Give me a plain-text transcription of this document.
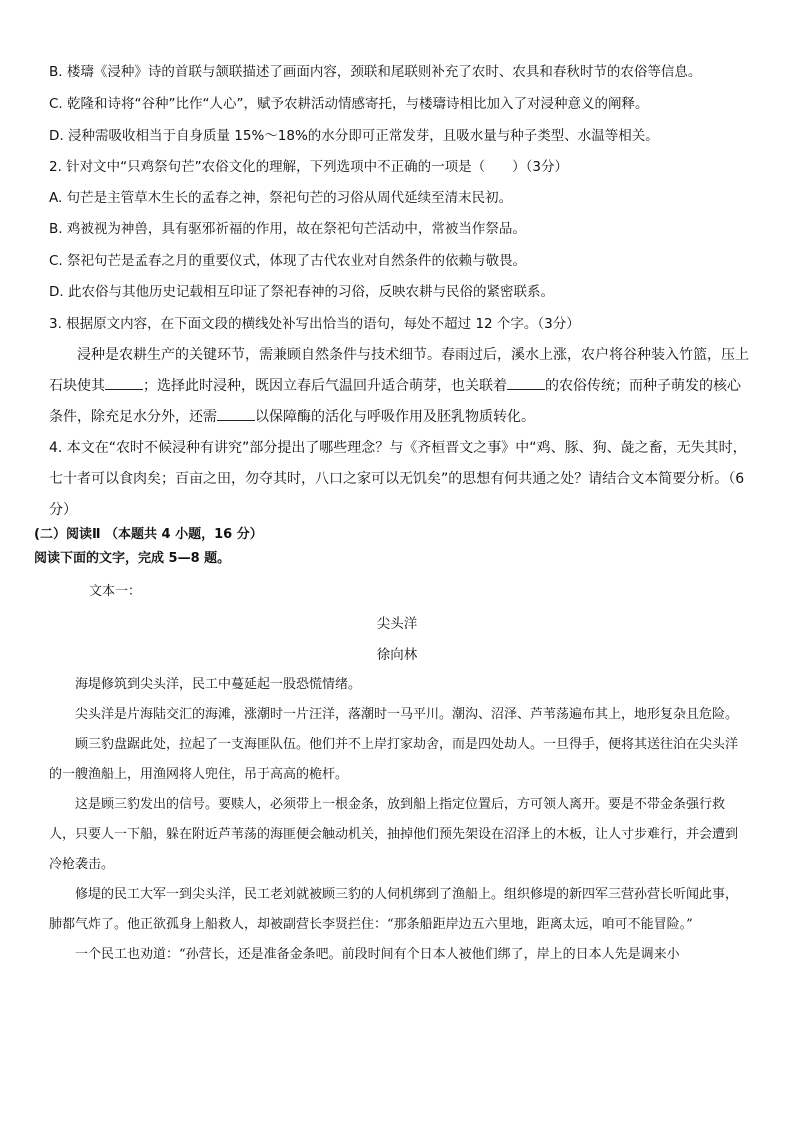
B. 楼璹《浸种》诗的首联与颔联描述了画面内容，颈联和尾联则补充了农时、农具和春秋时节的农俗等信息。
C. 乾隆和诗将“谷种”比作“人心”，赋予农耕活动情感寄托，与楼璹诗相比加入了对浸种意义的阐释。
D. 浸种需吸收相当于自身质量 15%～18%的水分即可正常发芽，且吸水量与种子类型、水温等相关。
2. 针对文中“只鸡祭句芒”农俗文化的理解，下列选项中不正确的一项是（　　）（3分）
A. 句芒是主管草木生长的孟春之神，祭祀句芒的习俗从周代延续至清末民初。
B. 鸡被视为神兽，具有驱邪祈福的作用，故在祭祀句芒活动中，常被当作祭品。
C. 祭祀句芒是孟春之月的重要仪式，体现了古代农业对自然条件的依赖与敬畏。
D. 此农俗与其他历史记载相互印证了祭祀春神的习俗，反映农耕与民俗的紧密联系。
3. 根据原文内容，在下面文段的横线处补写出恰当的语句，每处不超过 12 个字。（3分）
浸种是农耕生产的关键环节，需兼顾自然条件与技术细节。春雨过后，溪水上涨，农户将谷种装入竹篮，压上石块使其	；选择此时浸种，既因立春后气温回升适合萌芽，也关联着	的农俗传统；而种子萌发的核心条件，除充足水分外，还需	以保障酶的活化与呼吸作用及胚乳物质转化。
4. 本文在“农时不候浸种有讲究”部分提出了哪些理念？与《齐桓晋文之事》中“鸡、豚、狗、彘之畜，无失其时，七十者可以食肉矣；百亩之田，勿夺其时，八口之家可以无饥矣”的思想有何共通之处？请结合文本简要分析。（6分）
(二）阅读Ⅱ （本题共 4 小题，16 分）
阅读下面的文字，完成 5—8 题。
文本一：
尖头洋
徐向林

海堤修筑到尖头洋，民工中蔓延起一股恐慌情绪。

尖头洋是片海陆交汇的海滩，涨潮时一片汪洋，落潮时一马平川。潮沟、沼泽、芦苇荡遍布其上，地形复杂且危险。

顾三豹盘踞此处，拉起了一支海匪队伍。他们并不上岸打家劫舍，而是四处劫人。一旦得手，便将其送往泊在尖头洋的一艘渔船上，用渔网将人兜住，吊于高高的桅杆。

这是顾三豹发出的信号。要赎人，必须带上一根金条，放到船上指定位置后，方可领人离开。要是不带金条强行救人，只要人一下船，躲在附近芦苇荡的海匪便会触动机关，抽掉他们预先架设在沼泽上的木板，让人寸步难行，并会遭到冷枪袭击。

修堤的民工大军一到尖头洋，民工老刘就被顾三豹的人伺机绑到了渔船上。组织修堤的新四军三营孙营长听闻此事，肺都气炸了。他正欲孤身上船救人，却被副营长李贤拦住：“那条船距岸边五六里地，距离太远，咱可不能冒险。”

一个民工也劝道：“孙营长，还是准备金条吧。前段时间有个日本人被他们绑了，岸上的日本人先是调来小
